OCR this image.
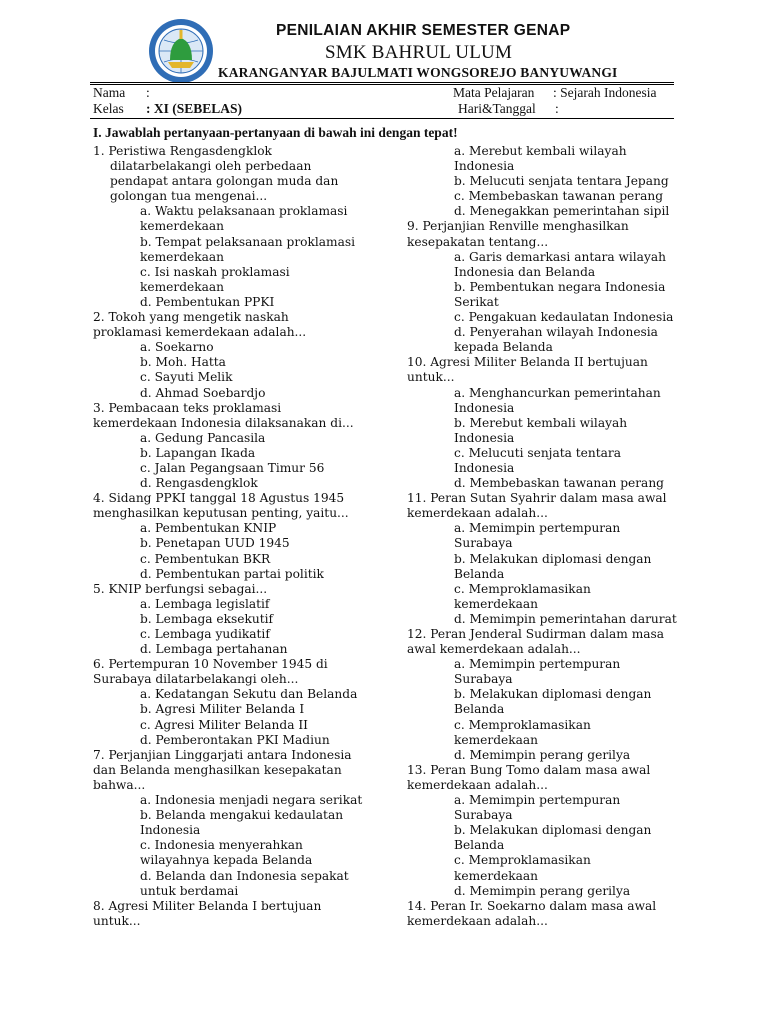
PENILAIAN AKHIR SEMESTER GENAP
SMK BAHRUL ULUM
KARANGANYAR BAJULMATI WONGSOREJO BANYUWANGI
Nama :
Kelas : XI (SEBELAS)
Mata Pelajaran : Sejarah Indonesia
Hari&Tanggal :
I. Jawablah pertanyaan-pertanyaan di bawah ini dengan tepat!
1. Peristiwa Rengasdengklok
dilatarbelakangi oleh perbedaan
pendapat antara golongan muda dan
golongan tua mengenai...
a. Waktu pelaksanaan proklamasi
kemerdekaan
b. Tempat pelaksanaan proklamasi
kemerdekaan
c. Isi naskah proklamasi
kemerdekaan
d. Pembentukan PPKI
2. Tokoh yang mengetik naskah
proklamasi kemerdekaan adalah...
a. Soekarno
b. Moh. Hatta
c. Sayuti Melik
d. Ahmad Soebardjo
3. Pembacaan teks proklamasi
kemerdekaan Indonesia dilaksanakan di...
a. Gedung Pancasila
b. Lapangan Ikada
c. Jalan Pegangsaan Timur 56
d. Rengasdengklok
4. Sidang PPKI tanggal 18 Agustus 1945
menghasilkan keputusan penting, yaitu...
a. Pembentukan KNIP
b. Penetapan UUD 1945
c. Pembentukan BKR
d. Pembentukan partai politik
5. KNIP berfungsi sebagai...
a. Lembaga legislatif
b. Lembaga eksekutif
c. Lembaga yudikatif
d. Lembaga pertahanan
6. Pertempuran 10 November 1945 di
Surabaya dilatarbelakangi oleh...
a. Kedatangan Sekutu dan Belanda
b. Agresi Militer Belanda I
c. Agresi Militer Belanda II
d. Pemberontakan PKI Madiun
7. Perjanjian Linggarjati antara Indonesia
dan Belanda menghasilkan kesepakatan
bahwa...
a. Indonesia menjadi negara serikat
b. Belanda mengakui kedaulatan
Indonesia
c. Indonesia menyerahkan
wilayahnya kepada Belanda
d. Belanda dan Indonesia sepakat
untuk berdamai
8. Agresi Militer Belanda I bertujuan
untuk...
a. Merebut kembali wilayah
Indonesia
b. Melucuti senjata tentara Jepang
c. Membebaskan tawanan perang
d. Menegakkan pemerintahan sipil
9. Perjanjian Renville menghasilkan
kesepakatan tentang...
a. Garis demarkasi antara wilayah
Indonesia dan Belanda
b. Pembentukan negara Indonesia
Serikat
c. Pengakuan kedaulatan Indonesia
d. Penyerahan wilayah Indonesia
kepada Belanda
10. Agresi Militer Belanda II bertujuan
untuk...
a. Menghancurkan pemerintahan
Indonesia
b. Merebut kembali wilayah
Indonesia
c. Melucuti senjata tentara
Indonesia
d. Membebaskan tawanan perang
11. Peran Sutan Syahrir dalam masa awal
kemerdekaan adalah...
a. Memimpin pertempuran
Surabaya
b. Melakukan diplomasi dengan
Belanda
c. Memproklamasikan
kemerdekaan
d. Memimpin pemerintahan darurat
12. Peran Jenderal Sudirman dalam masa
awal kemerdekaan adalah...
a. Memimpin pertempuran
Surabaya
b. Melakukan diplomasi dengan
Belanda
c. Memproklamasikan
kemerdekaan
d. Memimpin perang gerilya
13. Peran Bung Tomo dalam masa awal
kemerdekaan adalah...
a. Memimpin pertempuran
Surabaya
b. Melakukan diplomasi dengan
Belanda
c. Memproklamasikan
kemerdekaan
d. Memimpin perang gerilya
14. Peran Ir. Soekarno dalam masa awal
kemerdekaan adalah...
